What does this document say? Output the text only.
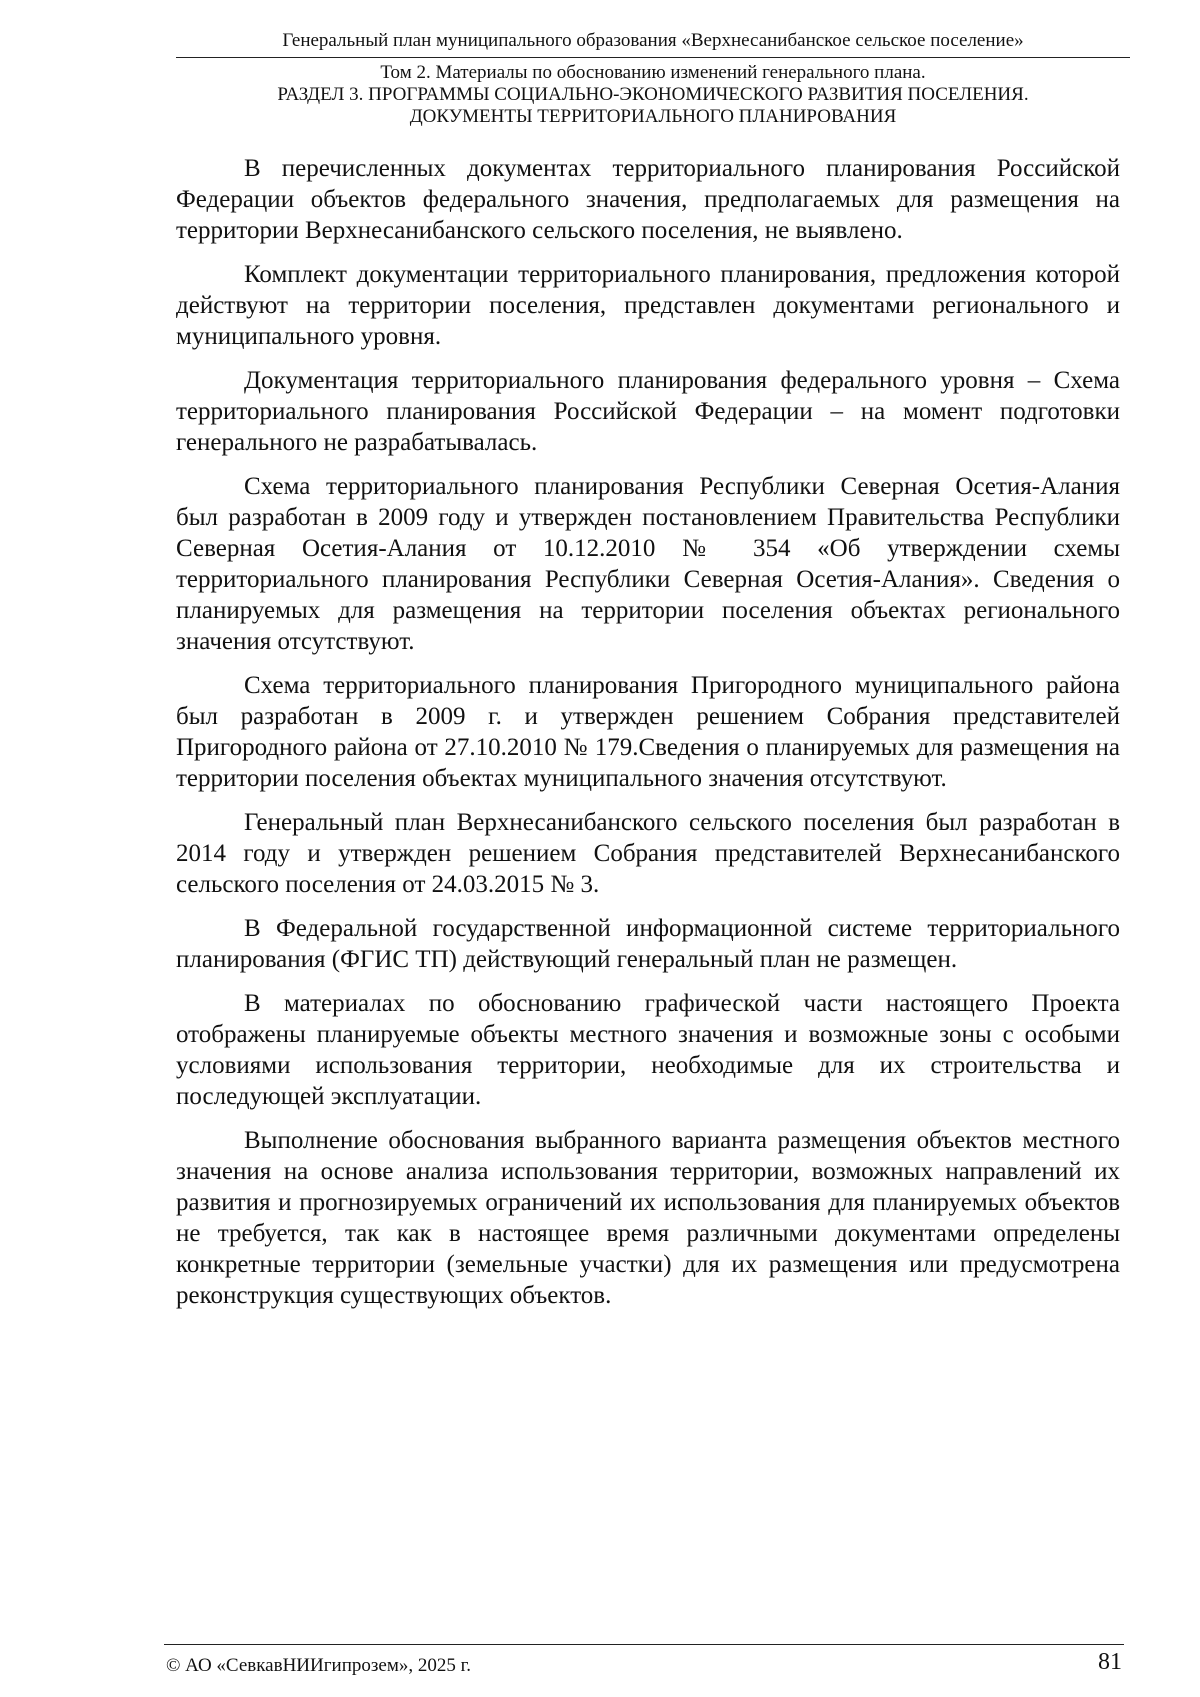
Генеральный план муниципального образования «Верхнесанибанское сельское поселение»
Том 2. Материалы по обоснованию изменений генерального плана.
РАЗДЕЛ 3. ПРОГРАММЫ СОЦИАЛЬНО-ЭКОНОМИЧЕСКОГО РАЗВИТИЯ ПОСЕЛЕНИЯ.
ДОКУМЕНТЫ ТЕРРИТОРИАЛЬНОГО ПЛАНИРОВАНИЯ

В перечисленных документах территориального планирования Российской Федерации объектов федерального значения, предполагаемых для размещения на территории Верхнесанибанского сельского поселения, не выявлено.

Комплект документации территориального планирования, предложения которой действуют на территории поселения, представлен документами регионального и муниципального уровня.

Документация территориального планирования федерального уровня – Схема территориального планирования Российской Федерации – на момент подготовки генерального не разрабатывалась.

Схема территориального планирования Республики Северная Осетия-Алания был разработан в 2009 году и утвержден постановлением Правительства Республики Северная Осетия-Алания от 10.12.2010 № 354 «Об утверждении схемы территориального планирования Республики Северная Осетия-Алания». Сведения о планируемых для размещения на территории поселения объектах регионального значения отсутствуют.

Схема территориального планирования Пригородного муниципального района был разработан в 2009 г. и утвержден решением Собрания представителей Пригородного района от 27.10.2010 № 179.Сведения о планируемых для размещения на территории поселения объектах муниципального значения отсутствуют.

Генеральный план Верхнесанибанского сельского поселения был разработан в 2014 году и утвержден решением Собрания представителей Верхнесанибанского сельского поселения от 24.03.2015 № 3.

В Федеральной государственной информационной системе территориального планирования (ФГИС ТП) действующий генеральный план не размещен.

В материалах по обоснованию графической части настоящего Проекта отображены планируемые объекты местного значения и возможные зоны с особыми условиями использования территории, необходимые для их строительства и последующей эксплуатации.

Выполнение обоснования выбранного варианта размещения объектов местного значения на основе анализа использования территории, возможных направлений их развития и прогнозируемых ограничений их использования для планируемых объектов не требуется, так как в настоящее время различными документами определены конкретные территории (земельные участки) для их размещения или предусмотрена реконструкция существующих объектов.

© АО «СевкавНИИгипрозем», 2025 г.	81
